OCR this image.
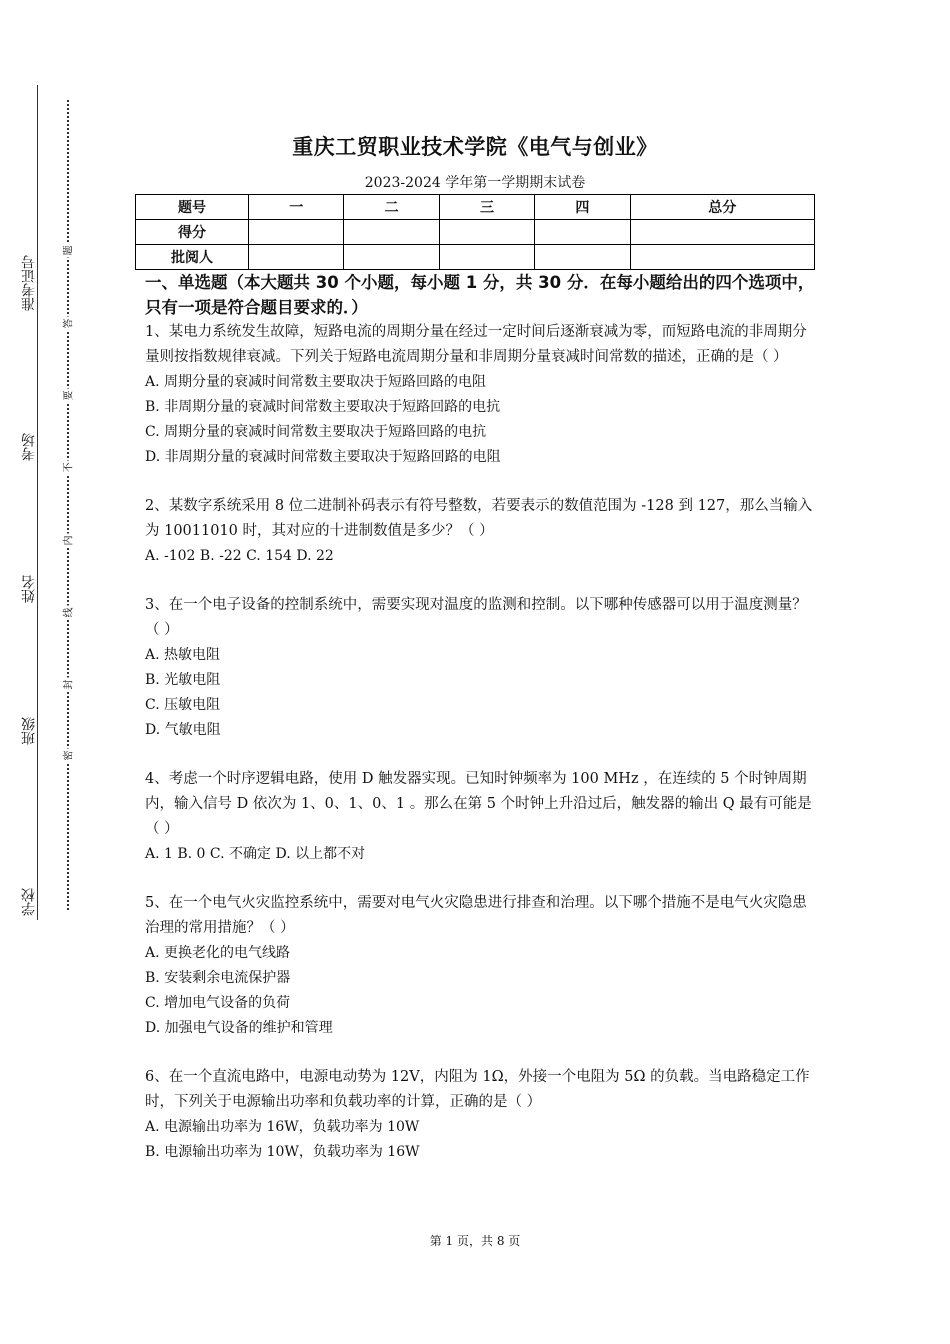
准考证号
考场
姓名
班级
学校
题
答
要
不
内
线
封
密
重庆工贸职业技术学院《电气与创业》
2023-2024 学年第一学期期末试卷
题号	一	二	三	四	总分
得分					
批阅人					
一、单选题（本大题共 30 个小题，每小题 1 分，共 30 分．在每小题给出的四个选项中，只有一项是符合题目要求的．）
1、某电力系统发生故障，短路电流的周期分量在经过一定时间后逐渐衰减为零，而短路电流的非周期分量则按指数规律衰减。下列关于短路电流周期分量和非周期分量衰减时间常数的描述，正确的是（ ）
A. 周期分量的衰减时间常数主要取决于短路回路的电阻
B. 非周期分量的衰减时间常数主要取决于短路回路的电抗
C. 周期分量的衰减时间常数主要取决于短路回路的电抗
D. 非周期分量的衰减时间常数主要取决于短路回路的电阻
2、某数字系统采用 8 位二进制补码表示有符号整数，若要表示的数值范围为 -128 到 127，那么当输入为 10011010 时，其对应的十进制数值是多少？（ ）
A. -102 B. -22 C. 154 D. 22
3、在一个电子设备的控制系统中，需要实现对温度的监测和控制。以下哪种传感器可以用于温度测量？（ ）
A. 热敏电阻
B. 光敏电阻
C. 压敏电阻
D. 气敏电阻
4、考虑一个时序逻辑电路，使用 D 触发器实现。已知时钟频率为 100 MHz ，在连续的 5 个时钟周期内，输入信号 D 依次为 1、0、1、0、1 。那么在第 5 个时钟上升沿过后，触发器的输出 Q 最有可能是（ ）
A. 1 B. 0 C. 不确定 D. 以上都不对
5、在一个电气火灾监控系统中，需要对电气火灾隐患进行排查和治理。以下哪个措施不是电气火灾隐患治理的常用措施？（ ）
A. 更换老化的电气线路
B. 安装剩余电流保护器
C. 增加电气设备的负荷
D. 加强电气设备的维护和管理
6、在一个直流电路中，电源电动势为 12V，内阻为 1Ω，外接一个电阻为 5Ω 的负载。当电路稳定工作时，下列关于电源输出功率和负载功率的计算，正确的是（ ）
A. 电源输出功率为 16W，负载功率为 10W
B. 电源输出功率为 10W，负载功率为 16W
第 1 页，共 8 页
